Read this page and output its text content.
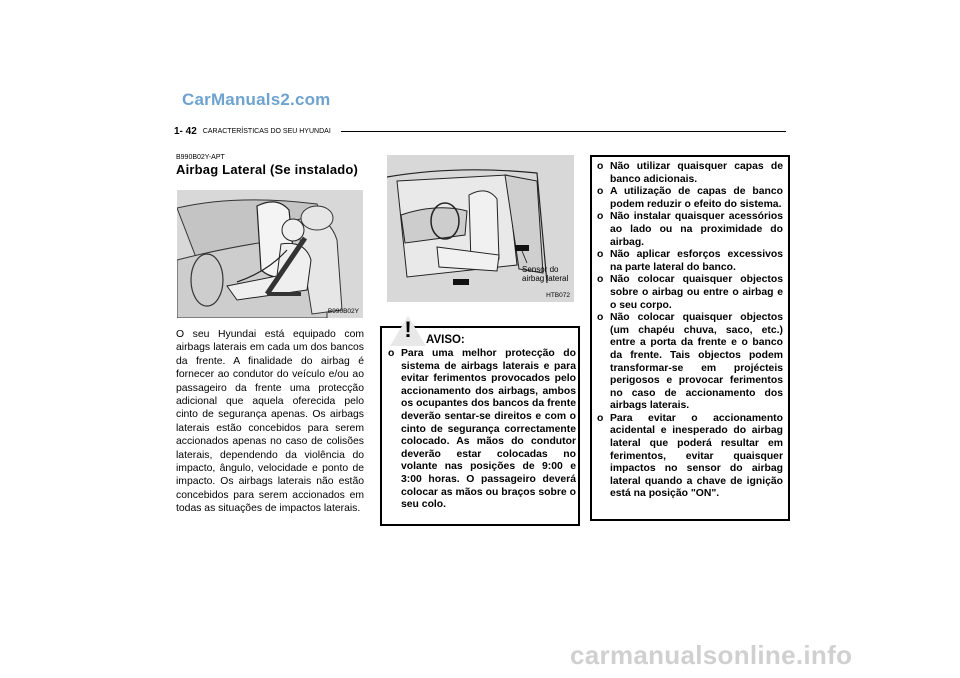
CarManuals2.com
1- 42 CARACTERÍSTICAS DO SEU HYUNDAI
B990B02Y-APT
Airbag Lateral (Se instalado)
B990B02Y
Sensor do
airbag lateral
HTB072

O seu Hyundai está equipado com airbags laterais em cada um dos bancos da frente. A finalidade do airbag é fornecer ao condutor do veículo e/ou ao passageiro da frente uma protecção adicional que aquela oferecida pelo cinto de segurança apenas. Os airbags laterais estão concebidos para serem accionados apenas no caso de colisões laterais, dependendo da violência do impacto, ângulo, velocidade e ponto de impacto. Os airbags laterais não estão concebidos para serem accionados em todas as situações de impactos laterais.

! AVISO:
o Para uma melhor protecção do sistema de airbags laterais e para evitar ferimentos provocados pelo accionamento dos airbags, ambos os ocupantes dos bancos da frente deverão sentar-se direitos e com o cinto de segurança correctamente colocado. As mãos do condutor deverão estar colocadas no volante nas posições de 9:00 e 3:00 horas. O passageiro deverá colocar as mãos ou braços sobre o seu colo.
o Não utilizar quaisquer capas de banco adicionais.
o A utilização de capas de banco podem reduzir o efeito do sistema.
o Não instalar quaisquer acessórios ao lado ou na proximidade do airbag.
o Não aplicar esforços excessivos na parte lateral do banco.
o Não colocar quaisquer objectos sobre o airbag ou entre o airbag e o seu corpo.
o Não colocar quaisquer objectos (um chapéu chuva, saco, etc.) entre a porta da frente e o banco da frente. Tais objectos podem transformar-se em projécteis perigosos e provocar ferimentos no caso de accionamento dos airbags laterais.
o Para evitar o accionamento acidental e inesperado do airbag lateral que poderá resultar em ferimentos, evitar quaisquer impactos no sensor do airbag lateral quando a chave de ignição está na posição "ON".
carmanualsonline.info
